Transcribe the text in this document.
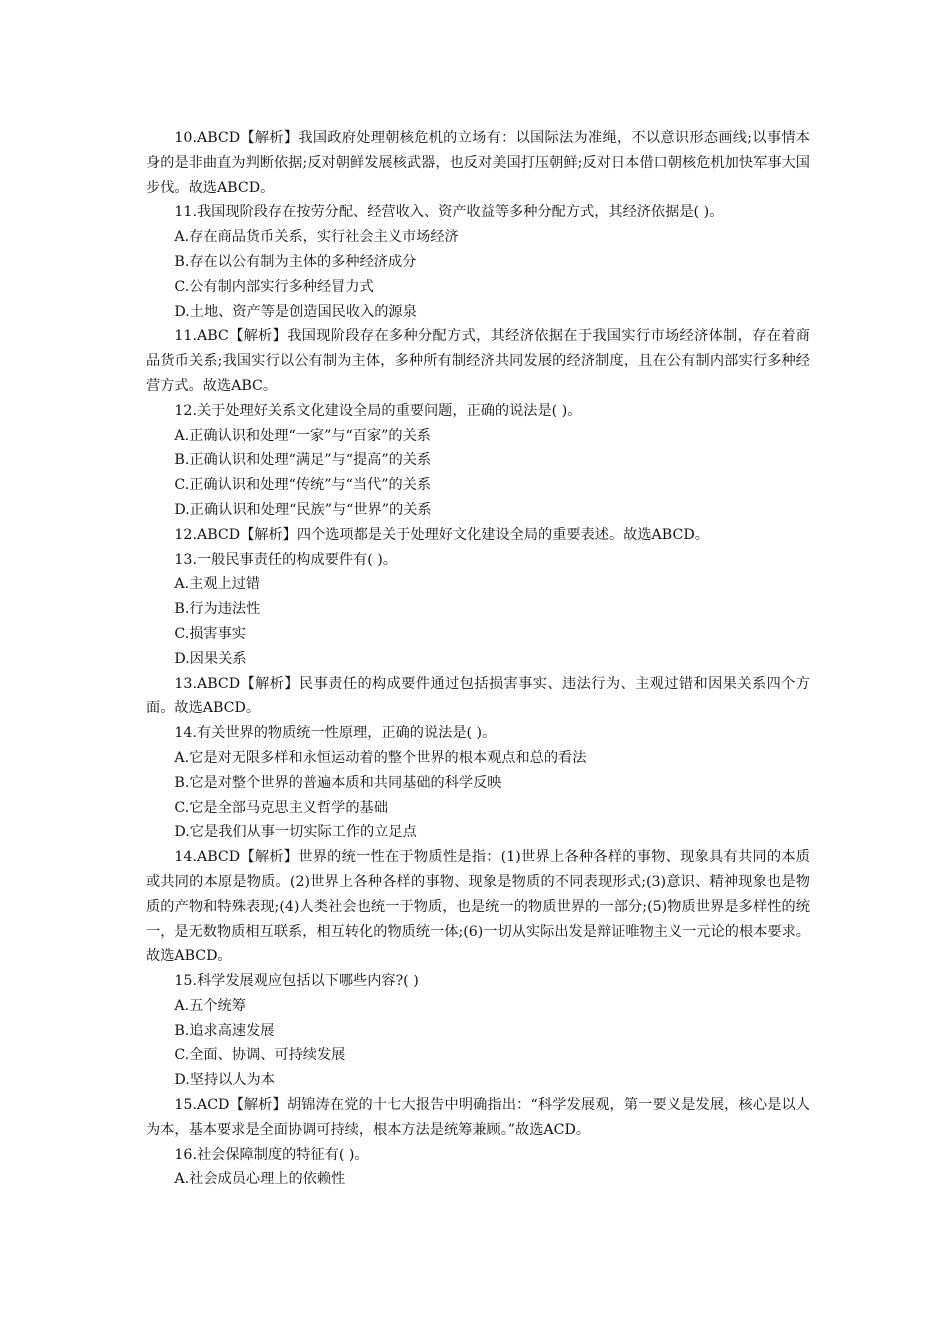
10.ABCD【解析】我国政府处理朝核危机的立场有：以国际法为准绳，不以意识形态画线;以事情本身的是非曲直为判断依据;反对朝鲜发展核武器，也反对美国打压朝鲜;反对日本借口朝核危机加快军事大国步伐。故选ABCD。

11.我国现阶段存在按劳分配、经营收入、资产收益等多种分配方式，其经济依据是( )。

A.存在商品货币关系，实行社会主义市场经济

B.存在以公有制为主体的多种经济成分

C.公有制内部实行多种经冒力式

D.土地、资产等是创造国民收入的源泉

11.ABC【解析】我国现阶段存在多种分配方式，其经济依据在于我国实行市场经济体制，存在着商品货币关系;我国实行以公有制为主体，多种所有制经济共同发展的经济制度，且在公有制内部实行多种经营方式。故选ABC。

12.关于处理好关系文化建设全局的重要问题，正确的说法是( )。

A.正确认识和处理“一家”与“百家”的关系

B.正确认识和处理“满足”与“提高”的关系

C.正确认识和处理“传统”与“当代”的关系

D.正确认识和处理“民族”与“世界”的关系

12.ABCD【解析】四个选项都是关于处理好文化建设全局的重要表述。故选ABCD。

13.一般民事责任的构成要件有( )。

A.主观上过错

B.行为违法性

C.损害事实

D.因果关系

13.ABCD【解析】民事责任的构成要件通过包括损害事实、违法行为、主观过错和因果关系四个方面。故选ABCD。

14.有关世界的物质统一性原理，正确的说法是( )。

A.它是对无限多样和永恒运动着的整个世界的根本观点和总的看法

B.它是对整个世界的普遍本质和共同基础的科学反映

C.它是全部马克思主义哲学的基础

D.它是我们从事一切实际工作的立足点

14.ABCD【解析】世界的统一性在于物质性是指：(1)世界上各种各样的事物、现象具有共同的本质或共同的本原是物质。(2)世界上各种各样的事物、现象是物质的不同表现形式;(3)意识、精神现象也是物质的产物和特殊表现;(4)人类社会也统一于物质，也是统一的物质世界的一部分;(5)物质世界是多样性的统一，是无数物质相互联系，相互转化的物质统一体;(6)一切从实际出发是辩证唯物主义一元论的根本要求。故选ABCD。

15.科学发展观应包括以下哪些内容?( )

A.五个统筹

B.追求高速发展

C.全面、协调、可持续发展

D.坚持以人为本

15.ACD【解析】胡锦涛在党的十七大报告中明确指出：“科学发展观，第一要义是发展，核心是以人为本，基本要求是全面协调可持续，根本方法是统筹兼顾。”故选ACD。

16.社会保障制度的特征有( )。

A.社会成员心理上的依赖性
